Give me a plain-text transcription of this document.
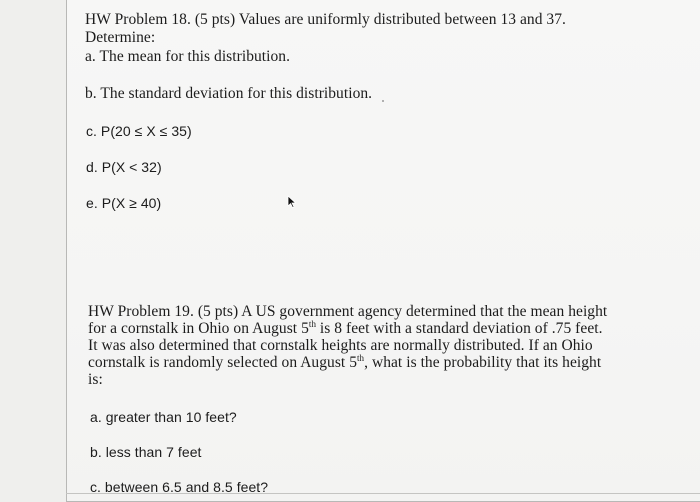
HW Problem 18. (5 pts) Values are uniformly distributed between 13 and 37.
Determine:
a. The mean for this distribution.
b. The standard deviation for this distribution.
c. P(20 ≤ X ≤ 35)
d. P(X < 32)
e. P(X ≥ 40)
HW Problem 19. (5 pts) A US government agency determined that the mean height
for a cornstalk in Ohio on August 5th is 8 feet with a standard deviation of .75 feet.
It was also determined that cornstalk heights are normally distributed. If an Ohio
cornstalk is randomly selected on August 5th, what is the probability that its height
is:
a. greater than 10 feet?
b. less than 7 feet
c. between 6.5 and 8.5 feet?
